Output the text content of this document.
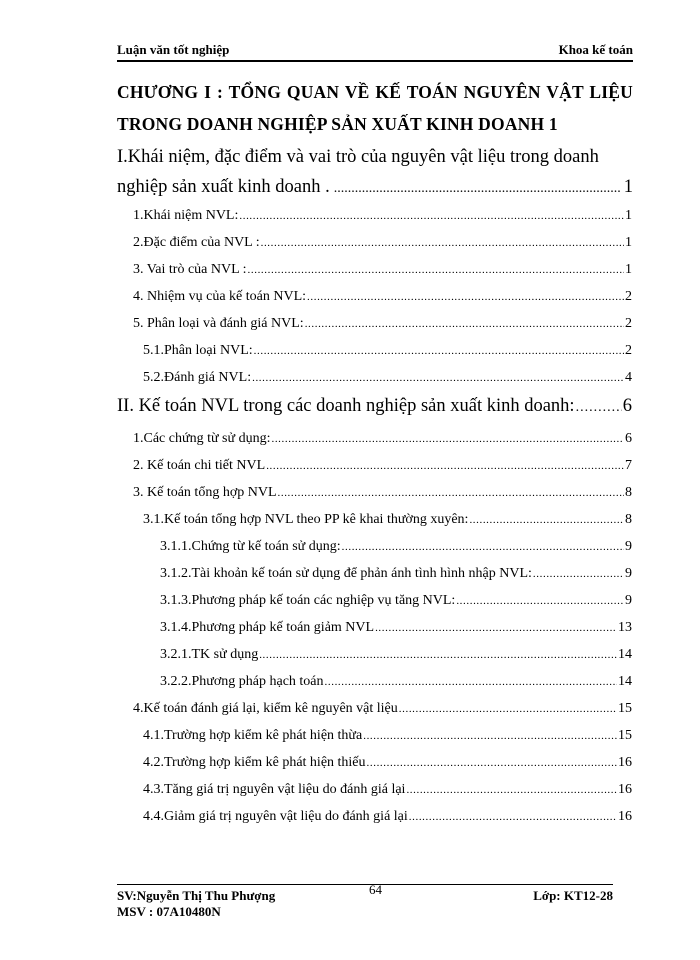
Luận văn tốt nghiệp	Khoa kế toán
CHƯƠNG I : TỔNG QUAN VỀ KẾ TOÁN NGUYÊN VẬT LIỆU TRONG DOANH NGHIỆP SẢN XUẤT KINH DOANH 1
I.Khái niệm, đặc điểm và vai trò của nguyên vật liệu trong doanh
nghiệp sản xuất kinh doanh . .....	1
1.Khái niệm NVL: .....	1
2.Đặc điểm của NVL : .....	1
3. Vai trò của NVL : .....	1
4. Nhiệm vụ của kế toán NVL: .....	2
5. Phân loại và đánh giá NVL: .....	2
5.1.Phân loại NVL: .....	2
5.2.Đánh giá NVL: .....	4
II. Kế toán NVL trong các doanh nghiệp sản xuất kinh doanh: .....	6
1.Các chứng từ sử dụng: .....	6
2. Kế toán chi tiết NVL .....	7
3. Kế toán tổng hợp NVL .....	8
3.1.Kế toán tổng hợp NVL theo PP kê khai thường xuyên: .....	8
3.1.1.Chứng từ kế toán sử dụng: .....	9
3.1.2.Tài khoản kế toán sử dụng để phản ánh tình hình nhập NVL: .....	9
3.1.3.Phương pháp kế toán các nghiệp vụ tăng NVL: .....	9
3.1.4.Phương pháp kế toán giảm NVL .....	13
3.2.1.TK sử dụng .....	14
3.2.2.Phương pháp hạch toán .....	14
4.Kế toán đánh giá lại, kiểm kê nguyên vật liệu .....	15
4.1.Trường hợp kiểm kê phát hiện thừa .....	15
4.2.Trường hợp kiểm kê phát hiện thiếu .....	16
4.3.Tăng giá trị nguyên vật liệu do đánh giá lại .....	16
4.4.Giảm giá trị nguyên vật liệu do đánh giá lại .....	16
SV:Nguyễn Thị Thu Phượng
MSV : 07A10480N
64	Lớp: KT12-28
